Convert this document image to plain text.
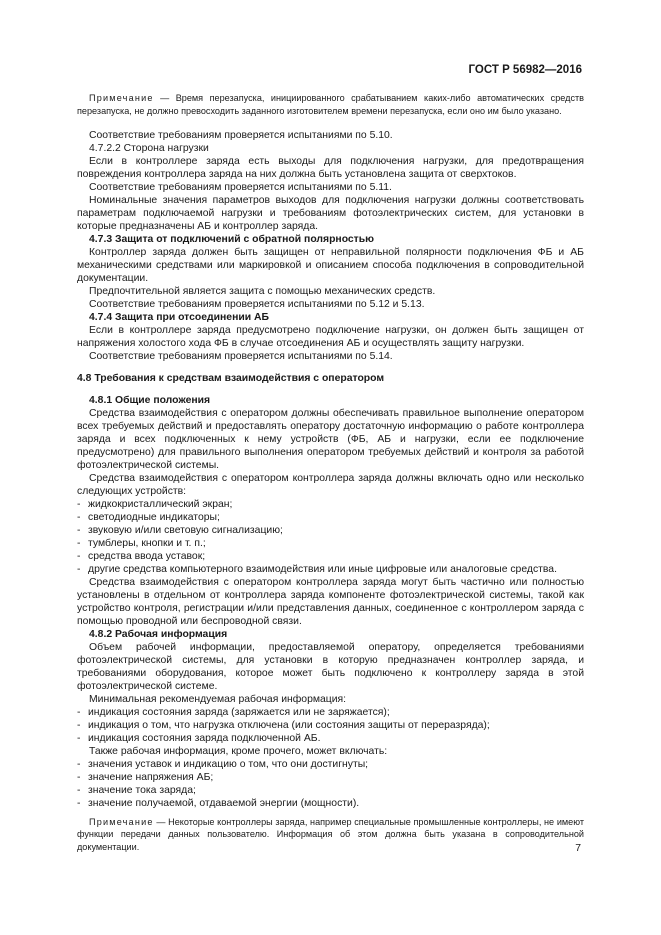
ГОСТ Р 56982—2016
Примечание — Время перезапуска, инициированного срабатыванием каких-либо автоматических средств перезапуска, не должно превосходить заданного изготовителем времени перезапуска, если оно им было указано.
Соответствие требованиям проверяется испытаниями по 5.10.
4.7.2.2 Сторона нагрузки
Если в контроллере заряда есть выходы для подключения нагрузки, для предотвращения повреждения контроллера заряда на них должна быть установлена защита от сверхтоков.
Соответствие требованиям проверяется испытаниями по 5.11.
Номинальные значения параметров выходов для подключения нагрузки должны соответствовать параметрам подключаемой нагрузки и требованиям фотоэлектрических систем, для установки в которые предназначены АБ и контроллер заряда.
4.7.3 Защита от подключений с обратной полярностью
Контроллер заряда должен быть защищен от неправильной полярности подключения ФБ и АБ механическими средствами или маркировкой и описанием способа подключения в сопроводительной документации.
Предпочтительной является защита с помощью механических средств.
Соответствие требованиям проверяется испытаниями по 5.12 и 5.13.
4.7.4 Защита при отсоединении АБ
Если в контроллере заряда предусмотрено подключение нагрузки, он должен быть защищен от напряжения холостого хода ФБ в случае отсоединения АБ и осуществлять защиту нагрузки.
Соответствие требованиям проверяется испытаниями по 5.14.
4.8 Требования к средствам взаимодействия с оператором
4.8.1 Общие положения
Средства взаимодействия с оператором должны обеспечивать правильное выполнение оператором всех требуемых действий и предоставлять оператору достаточную информацию о работе контроллера заряда и всех подключенных к нему устройств (ФБ, АБ и нагрузки, если ее подключение предусмотрено) для правильного выполнения оператором требуемых действий и контроля за работой фотоэлектрической системы.
Средства взаимодействия с оператором контроллера заряда должны включать одно или несколько следующих устройств:
- жидкокристаллический экран;
- светодиодные индикаторы;
- звуковую и/или световую сигнализацию;
- тумблеры, кнопки и т. п.;
- средства ввода уставок;
- другие средства компьютерного взаимодействия или иные цифровые или аналоговые средства.
Средства взаимодействия с оператором контроллера заряда могут быть частично или полностью установлены в отдельном от контроллера заряда компоненте фотоэлектрической системы, такой как устройство контроля, регистрации и/или представления данных, соединенное с контроллером заряда с помощью проводной или беспроводной связи.
4.8.2 Рабочая информация
Объем рабочей информации, предоставляемой оператору, определяется требованиями фотоэлектрической системы, для установки в которую предназначен контроллер заряда, и требованиями оборудования, которое может быть подключено к контроллеру заряда в этой фотоэлектрической системе.
Минимальная рекомендуемая рабочая информация:
- индикация состояния заряда (заряжается или не заряжается);
- индикация о том, что нагрузка отключена (или состояния защиты от переразряда);
- индикация состояния заряда подключенной АБ.
Также рабочая информация, кроме прочего, может включать:
- значения уставок и индикацию о том, что они достигнуты;
- значение напряжения АБ;
- значение тока заряда;
- значение получаемой, отдаваемой энергии (мощности).
Примечание — Некоторые контроллеры заряда, например специальные промышленные контроллеры, не имеют функции передачи данных пользователю. Информация об этом должна быть указана в сопроводительной документации.	7
